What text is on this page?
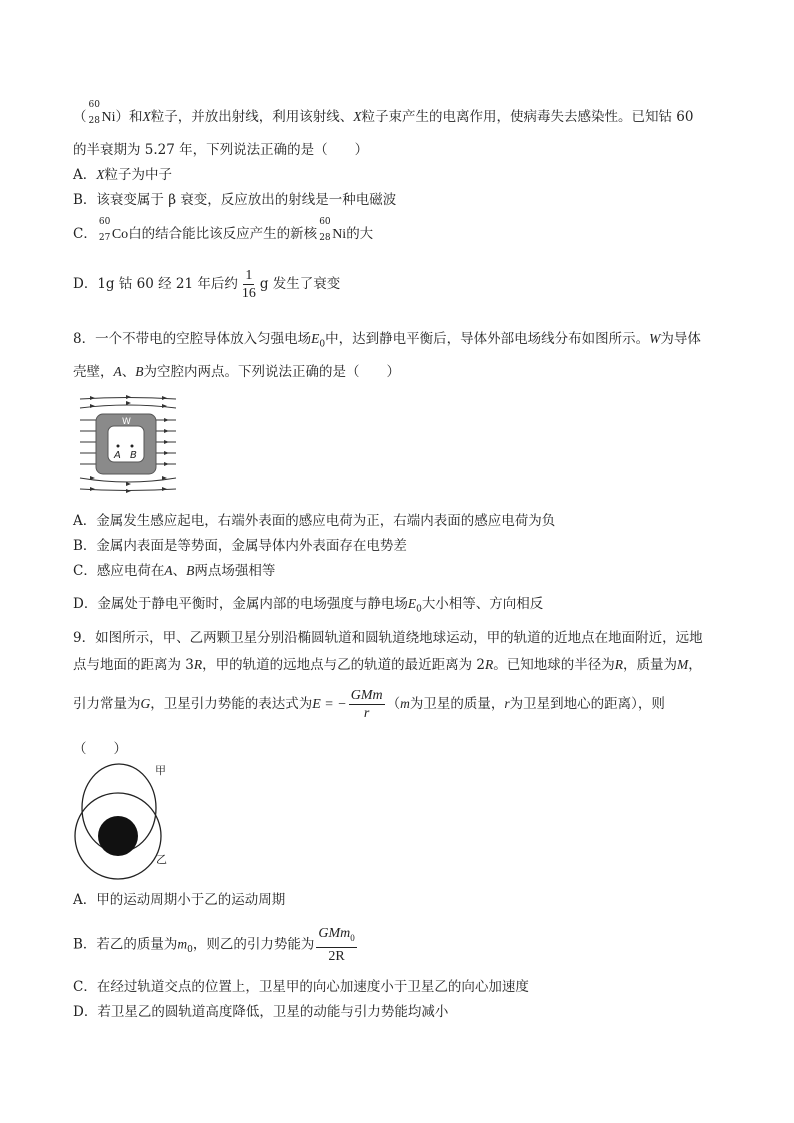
（
60
28 Ni）和X粒子，并放出射线，利用该射线、X粒子束产生的电离作用，使病毒失去感染性。已知钴 60
的半衰期为 5.27 年，下列说法正确的是（　　）
A．X粒子为中子
B．该衰变属于 β 衰变，反应放出的射线是一种电磁波
C．
60
27 Co白的结合能比该反应产生的新核
60
28 Ni的大
D．1g 钴 60 经 21 年后约 $\frac{1}{16}$ g 发生了衰变
8．一个不带电的空腔导体放入匀强电场$E_0$中，达到静电平衡后，导体外部电场线分布如图所示。W为导体
壳壁，A、B为空腔内两点。下列说法正确的是（　　）
W
A B
A．金属发生感应起电，右端外表面的感应电荷为正，右端内表面的感应电荷为负
B．金属内表面是等势面，金属导体内外表面存在电势差
C．感应电荷在A、B两点场强相等
D．金属处于静电平衡时，金属内部的电场强度与静电场$E_0$大小相等、方向相反
9．如图所示，甲、乙两颗卫星分别沿椭圆轨道和圆轨道绕地球运动，甲的轨道的近地点在地面附近，远地
点与地面的距离为 3R，甲的轨道的远地点与乙的轨道的最近距离为 2R。已知地球的半径为R，质量为M，
引力常量为G，卫星引力势能的表达式为E = − $\frac{\text{GMm}}{r} (m$为卫星的质量，r为卫星到地心的距离），则
（　　）
甲
乙
A．甲的运动周期小于乙的运动周期
B．若乙的质量为$m_0$，则乙的引力势能为 $\frac{GMm_0}{2R}$
C．在经过轨道交点的位置上，卫星甲的向心加速度小于卫星乙的向心加速度
D．若卫星乙的圆轨道高度降低，卫星的动能与引力势能均减小
